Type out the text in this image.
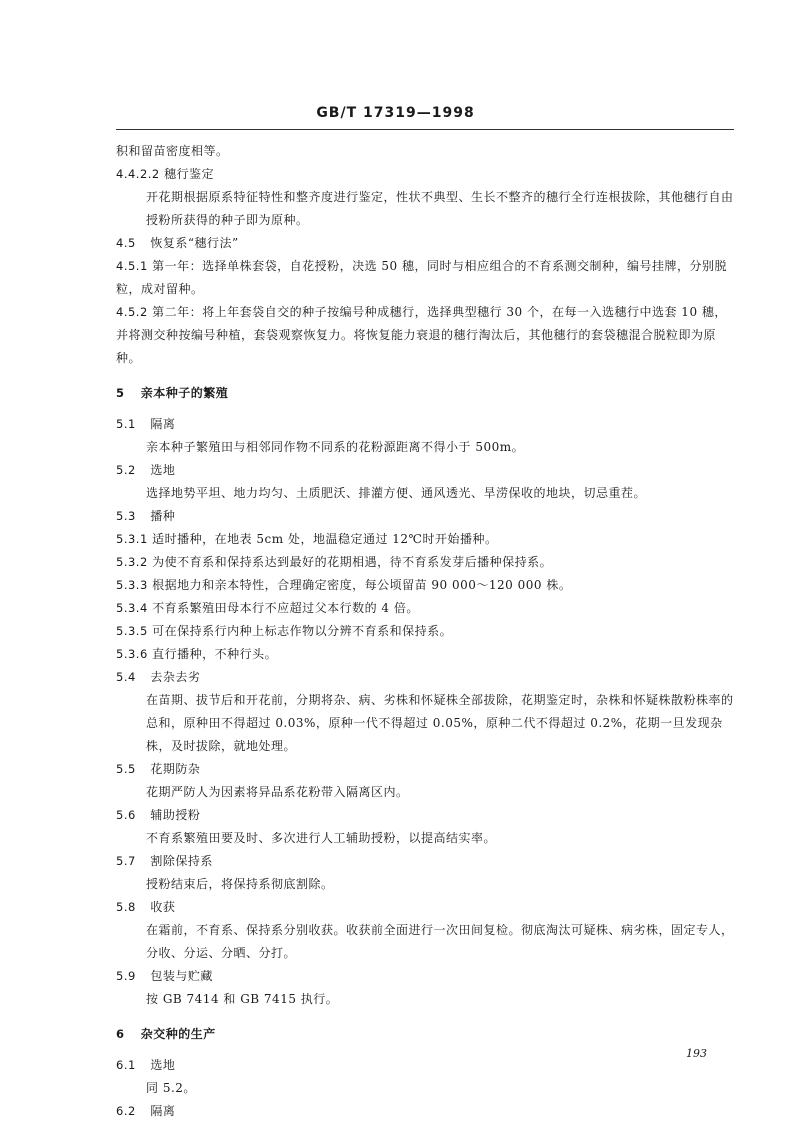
GB/T 17319—1998
积和留苗密度相等。
4.4.2.2 穗行鉴定
开花期根据原系特征特性和整齐度进行鉴定，性状不典型、生长不整齐的穗行全行连根拔除，其他穗行自由授粉所获得的种子即为原种。
4.5 恢复系“穗行法”
4.5.1 第一年：选择单株套袋，自花授粉，决选 50 穗，同时与相应组合的不育系测交制种，编号挂牌，分别脱粒，成对留种。
4.5.2 第二年：将上年套袋自交的种子按编号种成穗行，选择典型穗行 30 个，在每一入选穗行中选套 10 穗，并将测交种按编号种植，套袋观察恢复力。将恢复能力衰退的穗行淘汰后，其他穗行的套袋穗混合脱粒即为原种。
5 亲本种子的繁殖
5.1 隔离
亲本种子繁殖田与相邻同作物不同系的花粉源距离不得小于 500m。
5.2 选地
选择地势平坦、地力均匀、土质肥沃、排灌方便、通风透光、旱涝保收的地块，切忌重茬。
5.3 播种
5.3.1 适时播种，在地表 5cm 处，地温稳定通过 12℃时开始播种。
5.3.2 为使不育系和保持系达到最好的花期相遇，待不育系发芽后播种保持系。
5.3.3 根据地力和亲本特性，合理确定密度，每公顷留苗 90 000～120 000 株。
5.3.4 不育系繁殖田母本行不应超过父本行数的 4 倍。
5.3.5 可在保持系行内种上标志作物以分辨不育系和保持系。
5.3.6 直行播种，不种行头。
5.4 去杂去劣
在苗期、拔节后和开花前，分期将杂、病、劣株和怀疑株全部拔除，花期鉴定时，杂株和怀疑株散粉株率的总和，原种田不得超过 0.03%，原种一代不得超过 0.05%，原种二代不得超过 0.2%，花期一旦发现杂株，及时拔除，就地处理。
5.5 花期防杂
花期严防人为因素将异品系花粉带入隔离区内。
5.6 辅助授粉
不育系繁殖田要及时、多次进行人工辅助授粉，以提高结实率。
5.7 割除保持系
授粉结束后，将保持系彻底割除。
5.8 收获
在霜前，不育系、保持系分别收获。收获前全面进行一次田间复检。彻底淘汰可疑株、病劣株，固定专人，分收、分运、分晒、分打。
5.9 包装与贮藏
按 GB 7414 和 GB 7415 执行。
6 杂交种的生产
6.1 选地
同 5.2。
6.2 隔离
193
